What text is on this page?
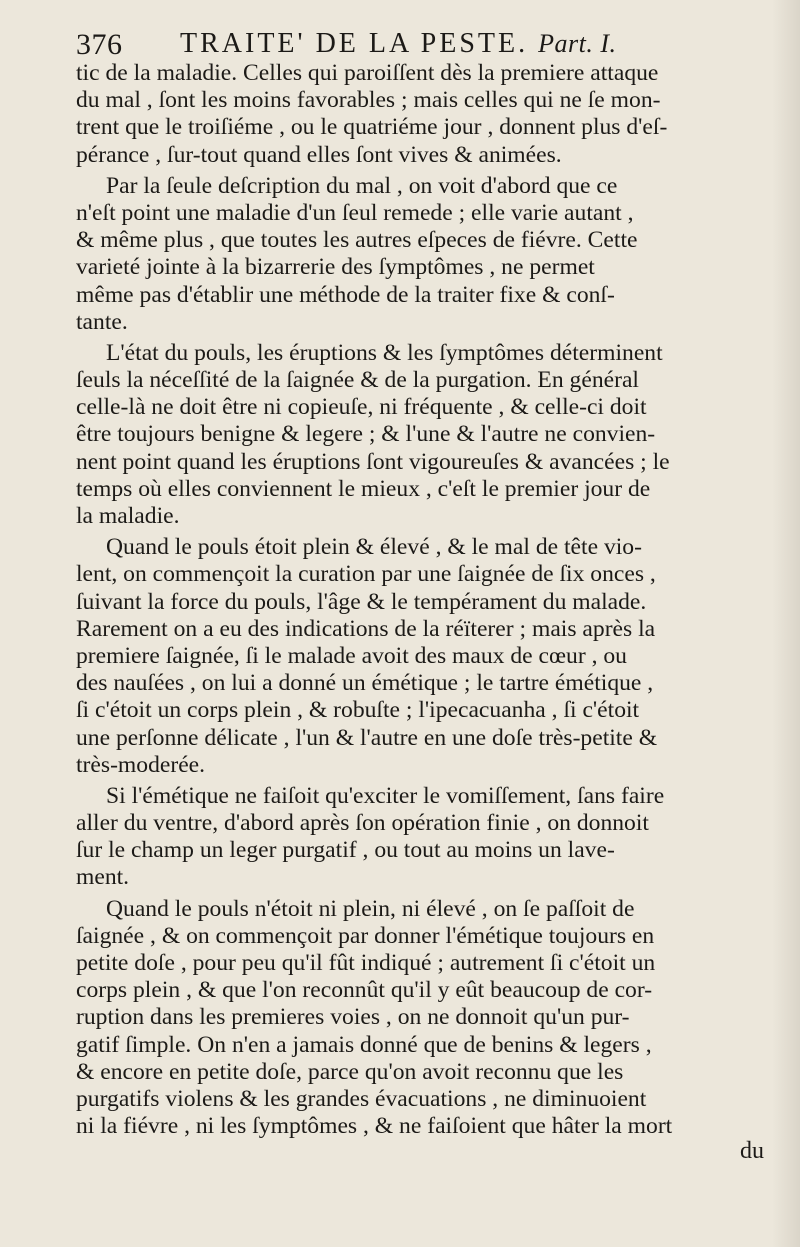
376 TRAITE' DE LA PESTE. Part. I.

tic de la maladie. Celles qui paroiſſent dès la premiere attaque
du mal , ſont les moins favorables ; mais celles qui ne ſe mon-
trent que le troiſiéme , ou le quatriéme jour , donnent plus d'eſ-
pérance , ſur-tout quand elles ſont vives & animées.

Par la ſeule deſcription du mal , on voit d'abord que ce
n'eſt point une maladie d'un ſeul remede ; elle varie autant ,
& même plus , que toutes les autres eſpeces de fiévre. Cette
varieté jointe à la bizarrerie des ſymptômes , ne permet
même pas d'établir une méthode de la traiter fixe & conſ-
tante.

L'état du pouls, les éruptions & les ſymptômes déterminent
ſeuls la néceſſité de la ſaignée & de la purgation. En général
celle-là ne doit être ni copieuſe, ni fréquente , & celle-ci doit
être toujours benigne & legere ; & l'une & l'autre ne convien-
nent point quand les éruptions ſont vigoureuſes & avancées ; le
temps où elles conviennent le mieux , c'eſt le premier jour de
la maladie.

Quand le pouls étoit plein & élevé , & le mal de tête vio-
lent, on commençoit la curation par une ſaignée de ſix onces ,
ſuivant la force du pouls, l'âge & le tempérament du malade.
Rarement on a eu des indications de la réïterer ; mais après la
premiere ſaignée, ſi le malade avoit des maux de cœur , ou
des nauſées , on lui a donné un émétique ; le tartre émétique ,
ſi c'étoit un corps plein , & robuſte ; l'ipecacuanha , ſi c'étoit
une perſonne délicate , l'un & l'autre en une doſe très-petite &
très-moderée.

Si l'émétique ne faiſoit qu'exciter le vomiſſement, ſans faire
aller du ventre, d'abord après ſon opération finie , on donnoit
ſur le champ un leger purgatif , ou tout au moins un lave-
ment.

Quand le pouls n'étoit ni plein, ni élevé , on ſe paſſoit de
ſaignée , & on commençoit par donner l'émétique toujours en
petite doſe , pour peu qu'il fût indiqué ; autrement ſi c'étoit un
corps plein , & que l'on reconnût qu'il y eût beaucoup de cor-
ruption dans les premieres voies , on ne donnoit qu'un pur-
gatif ſimple. On n'en a jamais donné que de benins & legers ,
& encore en petite doſe, parce qu'on avoit reconnu que les
purgatifs violens & les grandes évacuations , ne diminuoient
ni la fiévre , ni les ſymptômes , & ne faiſoient que hâter la mort

du
